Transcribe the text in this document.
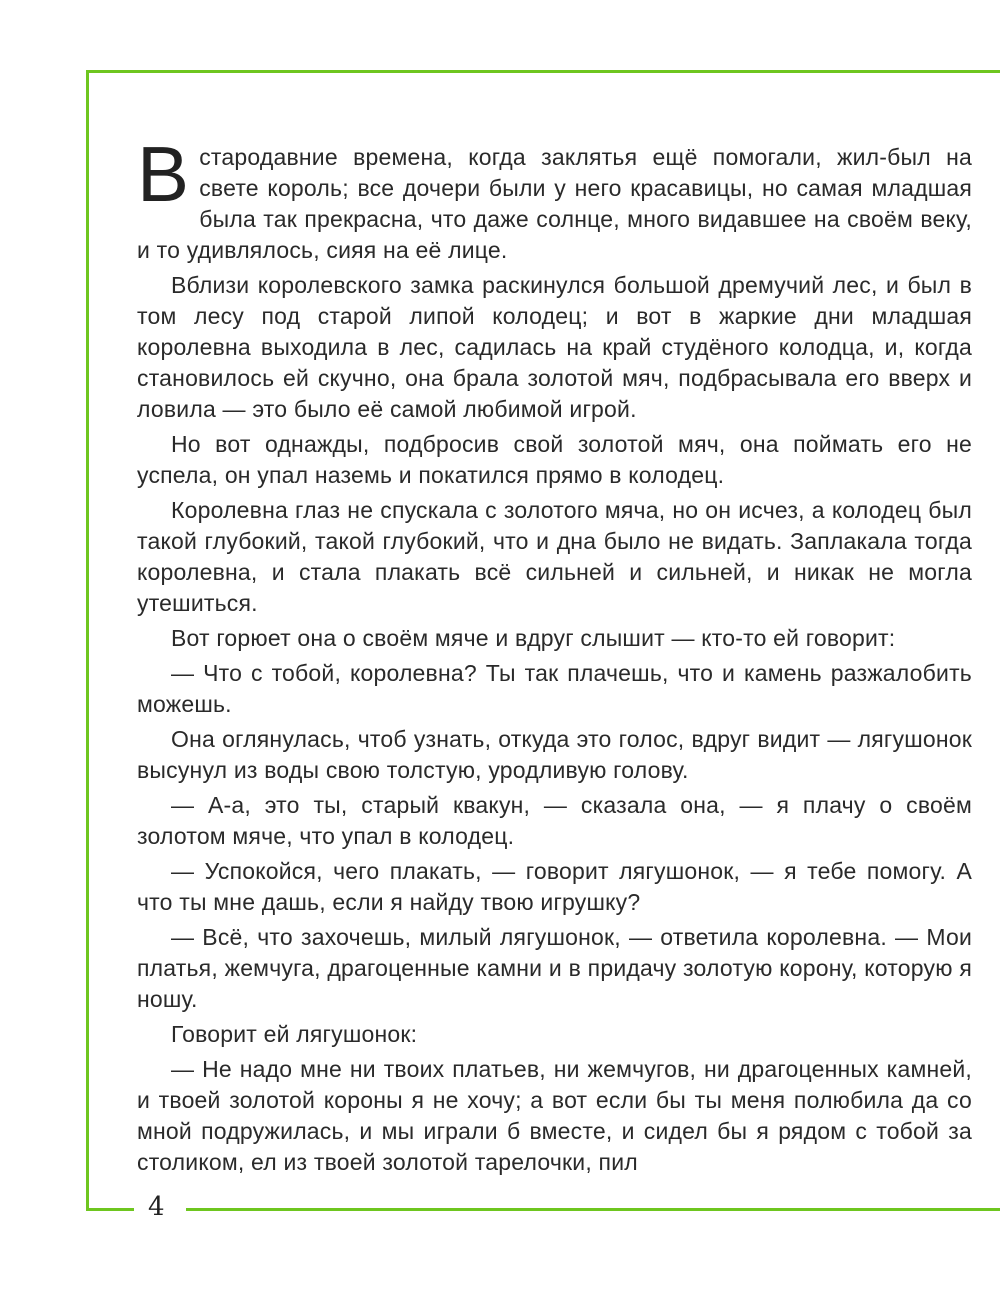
В стародавние времена, когда заклятья ещё помогали, жил-был на свете король; все дочери были у него красавицы, но самая младшая была так прекрасна, что даже солнце, много видавшее на своём веку, и то удивлялось, сияя на её лице.

Вблизи королевского замка раскинулся большой дремучий лес, и был в том лесу под старой липой колодец; и вот в жаркие дни младшая королевна выходила в лес, садилась на край студёного колодца, и, когда становилось ей скучно, она брала золотой мяч, подбрасывала его вверх и ловила — это было её самой любимой игрой.

Но вот однажды, подбросив свой золотой мяч, она поймать его не успела, он упал наземь и покатился прямо в колодец.

Королевна глаз не спускала с золотого мяча, но он исчез, а колодец был такой глубокий, такой глубокий, что и дна было не видать. Заплакала тогда королевна, и стала плакать всё сильней и сильней, и никак не могла утешиться.

Вот горюет она о своём мяче и вдруг слышит — кто-то ей говорит:

— Что с тобой, королевна? Ты так плачешь, что и камень разжалобить можешь.

Она оглянулась, чтоб узнать, откуда это голос, вдруг видит — лягушонок высунул из воды свою толстую, уродливую голову.

— А-а, это ты, старый квакун, — сказала она, — я плачу о своём золотом мяче, что упал в колодец.

— Успокойся, чего плакать, — говорит лягушонок, — я тебе помогу. А что ты мне дашь, если я найду твою игрушку?

— Всё, что захочешь, милый лягушонок, — ответила королевна. — Мои платья, жемчуга, драгоценные камни и в придачу золотую корону, которую я ношу.

Говорит ей лягушонок:

— Не надо мне ни твоих платьев, ни жемчугов, ни драгоценных камней, и твоей золотой короны я не хочу; а вот если бы ты меня полюбила да со мной подружилась, и мы играли б вместе, и сидел бы я рядом с тобой за столиком, ел из твоей золотой тарелочки, пил

4
